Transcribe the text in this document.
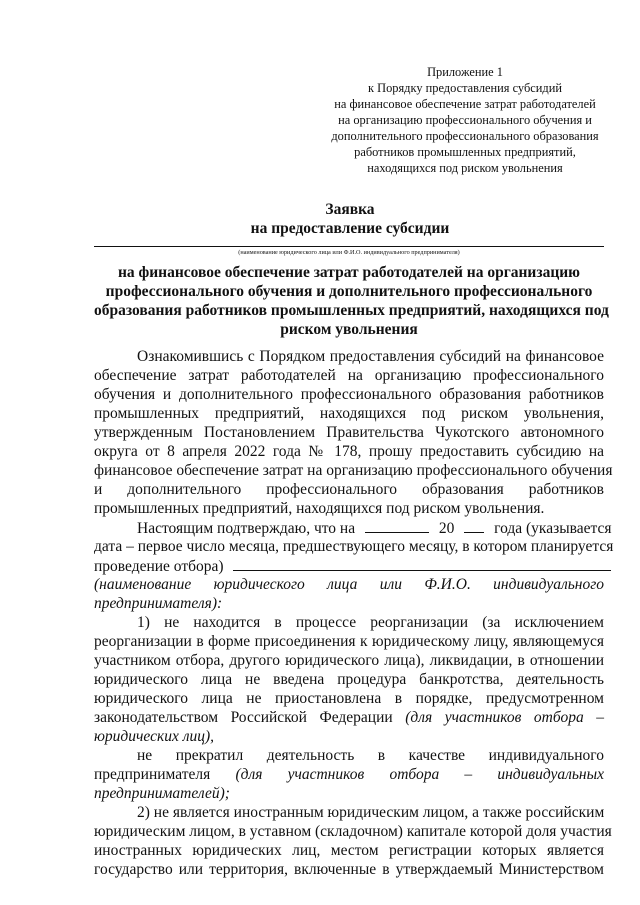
Приложение 1
к Порядку предоставления субсидий
на финансовое обеспечение затрат работодателей
на организацию профессионального обучения и
дополнительного профессионального образования
работников промышленных предприятий,
находящихся под риском увольнения
Заявка
на предоставление субсидии
(наименование юридического лица или Ф.И.О. индивидуального предпринимателя)
на финансовое обеспечение затрат работодателей на организацию
профессионального обучения и дополнительного профессионального
образования работников промышленных предприятий, находящихся под
риском увольнения
Ознакомившись с Порядком предоставления субсидий на финансовое
обеспечение затрат работодателей на организацию профессионального
обучения и дополнительного профессионального образования работников
промышленных предприятий, находящихся под риском увольнения,
утвержденным Постановлением Правительства Чукотского автономного
округа от 8 апреля 2022 года № 178, прошу предоставить субсидию на
финансовое обеспечение затрат на организацию профессионального обучения
и дополнительного профессионального образования работников
промышленных предприятий, находящихся под риском увольнения.
Настоящим подтверждаю, что на	20	года (указывается
дата – первое число месяца, предшествующего месяцу, в котором планируется
проведение отбора)
(наименование юридического лица или Ф.И.О. индивидуального
предпринимателя):
1) не находится в процессе реорганизации (за исключением
реорганизации в форме присоединения к юридическому лицу, являющемуся
участником отбора, другого юридического лица), ликвидации, в отношении
юридического лица не введена процедура банкротства, деятельность
юридического лица не приостановлена в порядке, предусмотренном
законодательством Российской Федерации (для участников отбора –
юридических лиц),
не прекратил деятельность в качестве индивидуального
предпринимателя (для участников отбора – индивидуальных
предпринимателей);
2) не является иностранным юридическим лицом, а также российским
юридическим лицом, в уставном (складочном) капитале которой доля участия
иностранных юридических лиц, местом регистрации которых является
государство или территория, включенные в утверждаемый Министерством
